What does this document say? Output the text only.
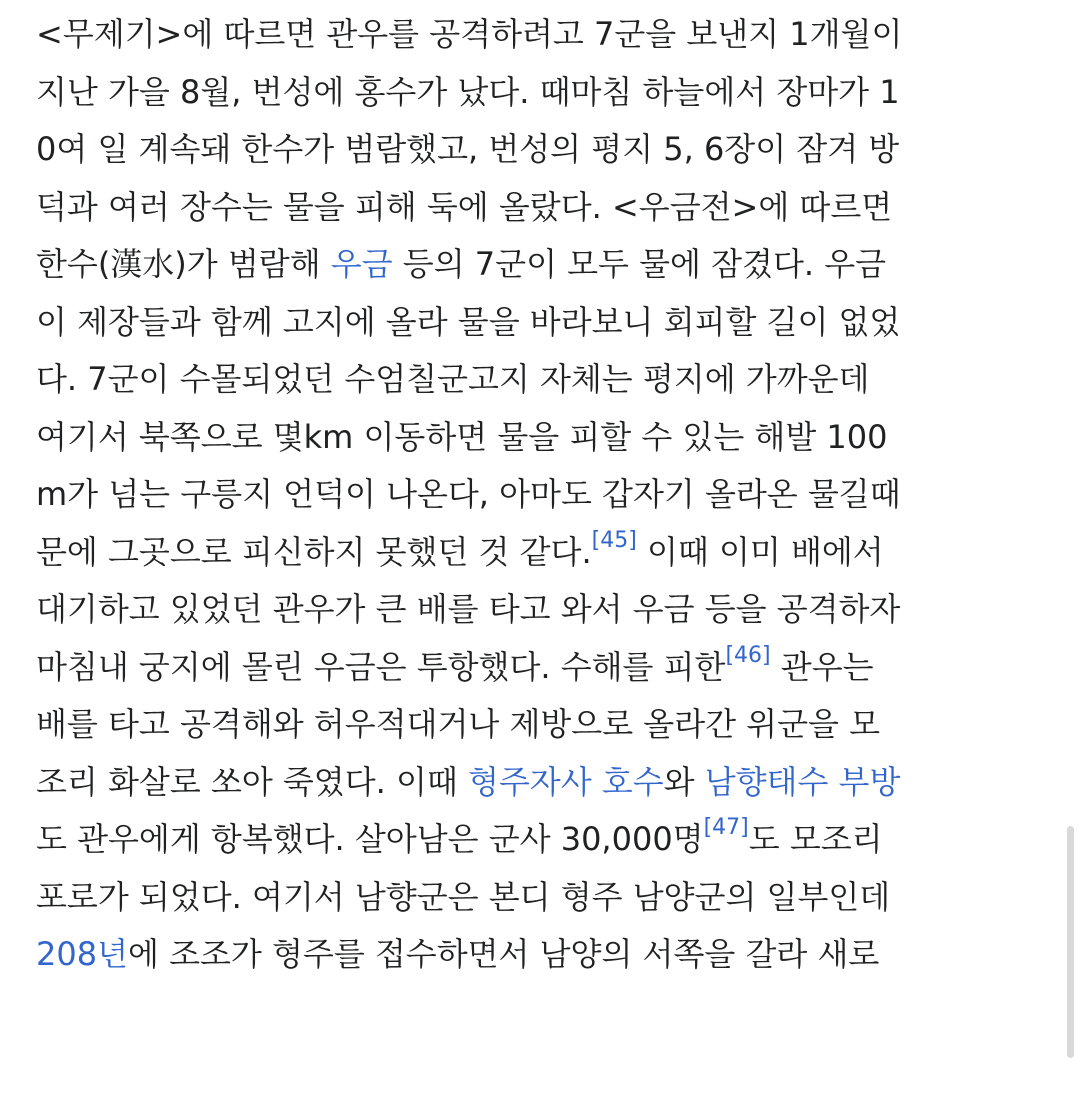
<무제기>에 따르면 관우를 공격하려고 7군을 보낸지 1개월이
지난 가을 8월, 번성에 홍수가 났다. 때마침 하늘에서 장마가 1
0여 일 계속돼 한수가 범람했고, 번성의 평지 5, 6장이 잠겨 방
덕과 여러 장수는 물을 피해 둑에 올랐다. <우금전>에 따르면
한수(漢水)가 범람해 우금 등의 7군이 모두 물에 잠겼다. 우금
이 제장들과 함께 고지에 올라 물을 바라보니 회피할 길이 없었
다. 7군이 수몰되었던 수엄칠군고지 자체는 평지에 가까운데
여기서 북쪽으로 몇km 이동하면 물을 피할 수 있는 해발 100
m가 넘는 구릉지 언덕이 나온다, 아마도 갑자기 올라온 물길때
문에 그곳으로 피신하지 못했던 것 같다.[45] 이때 이미 배에서
대기하고 있었던 관우가 큰 배를 타고 와서 우금 등을 공격하자
마침내 궁지에 몰린 우금은 투항했다. 수해를 피한[46] 관우는
배를 타고 공격해와 허우적대거나 제방으로 올라간 위군을 모
조리 화살로 쏘아 죽였다. 이때 형주자사 호수와 남향태수 부방
도 관우에게 항복했다. 살아남은 군사 30,000명[47]도 모조리
포로가 되었다. 여기서 남향군은 본디 형주 남양군의 일부인데
208년에 조조가 형주를 접수하면서 남양의 서쪽을 갈라 새로
